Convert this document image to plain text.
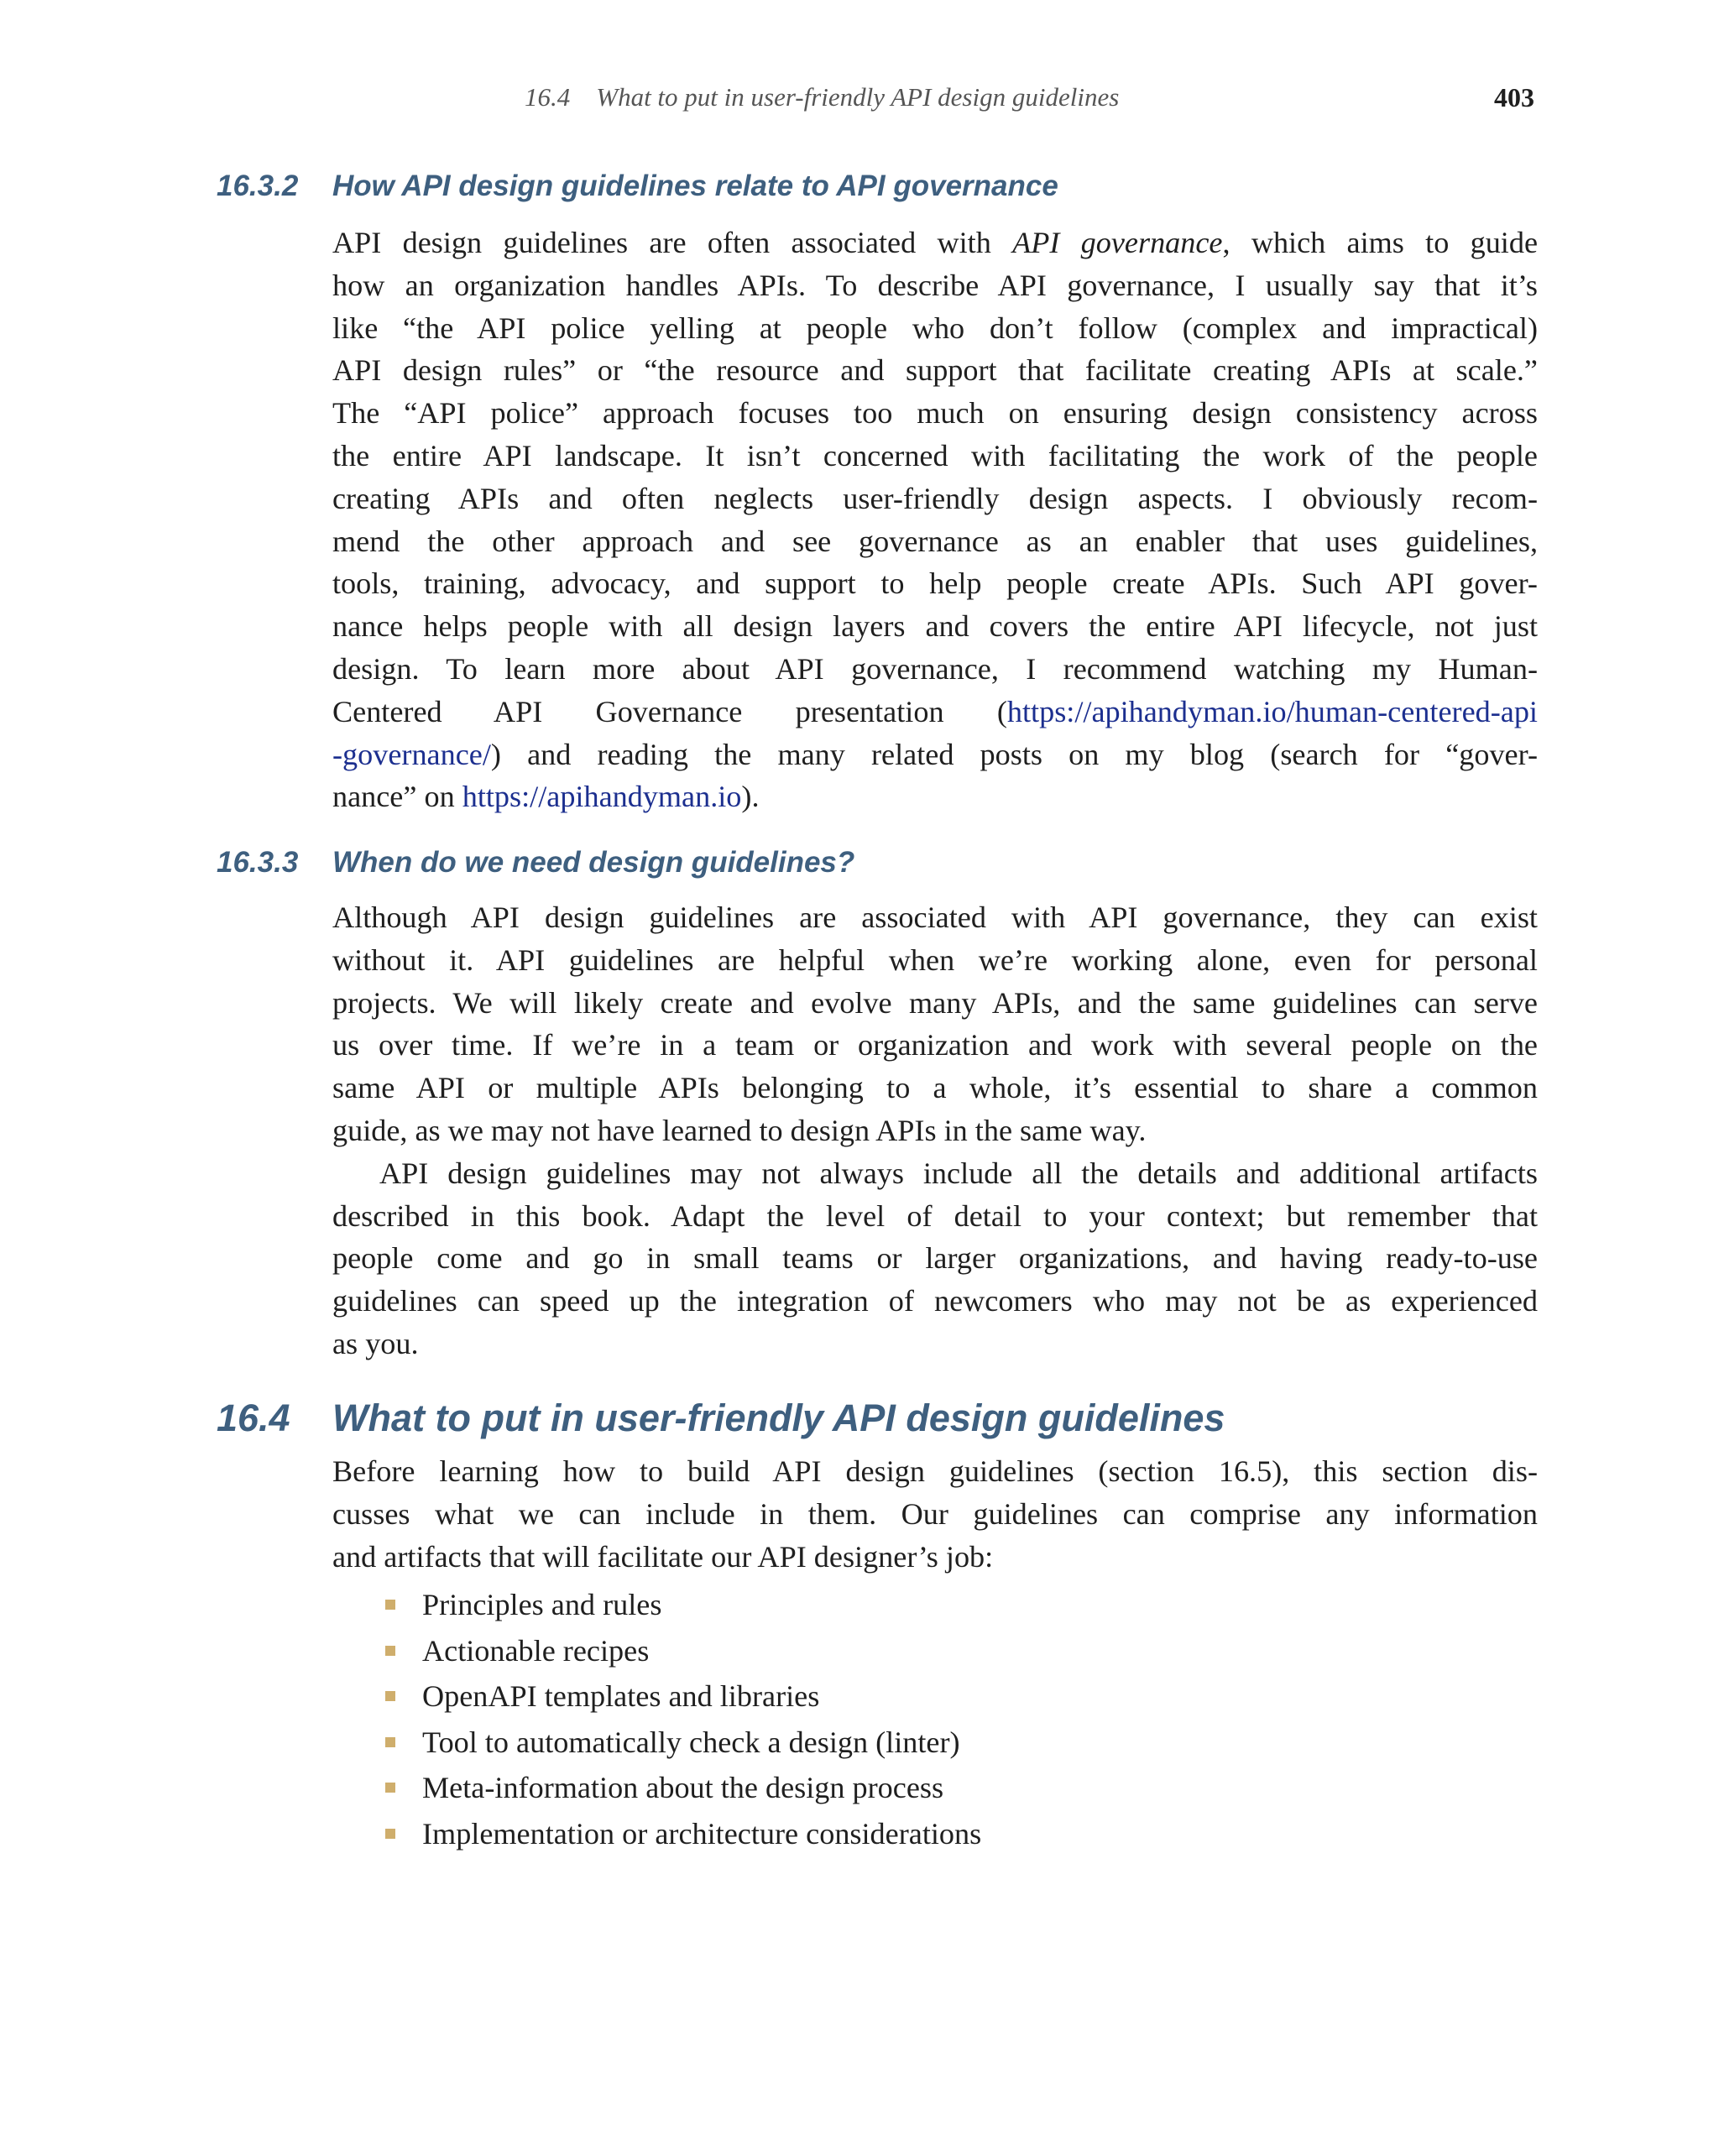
16.4 What to put in user-friendly API design guidelines	403
16.3.2 How API design guidelines relate to API governance
API design guidelines are often associated with API governance, which aims to guide
how an organization handles APIs. To describe API governance, I usually say that it’s
like “the API police yelling at people who don’t follow (complex and impractical)
API design rules” or “the resource and support that facilitate creating APIs at scale.”
The “API police” approach focuses too much on ensuring design consistency across
the entire API landscape. It isn’t concerned with facilitating the work of the people
creating APIs and often neglects user-friendly design aspects. I obviously recom-
mend the other approach and see governance as an enabler that uses guidelines,
tools, training, advocacy, and support to help people create APIs. Such API gover-
nance helps people with all design layers and covers the entire API lifecycle, not just
design. To learn more about API governance, I recommend watching my Human-
Centered API Governance presentation (https://apihandyman.io/human-centered-api
-governance/) and reading the many related posts on my blog (search for “gover-
nance” on https://apihandyman.io).
16.3.3 When do we need design guidelines?
Although API design guidelines are associated with API governance, they can exist
without it. API guidelines are helpful when we’re working alone, even for personal
projects. We will likely create and evolve many APIs, and the same guidelines can serve
us over time. If we’re in a team or organization and work with several people on the
same API or multiple APIs belonging to a whole, it’s essential to share a common
guide, as we may not have learned to design APIs in the same way.
API design guidelines may not always include all the details and additional artifacts
described in this book. Adapt the level of detail to your context; but remember that
people come and go in small teams or larger organizations, and having ready-to-use
guidelines can speed up the integration of newcomers who may not be as experienced
as you.
16.4 What to put in user-friendly API design guidelines
Before learning how to build API design guidelines (section 16.5), this section dis-
cusses what we can include in them. Our guidelines can comprise any information
and artifacts that will facilitate our API designer’s job:
Principles and rules
Actionable recipes
OpenAPI templates and libraries
Tool to automatically check a design (linter)
Meta-information about the design process
Implementation or architecture considerations
